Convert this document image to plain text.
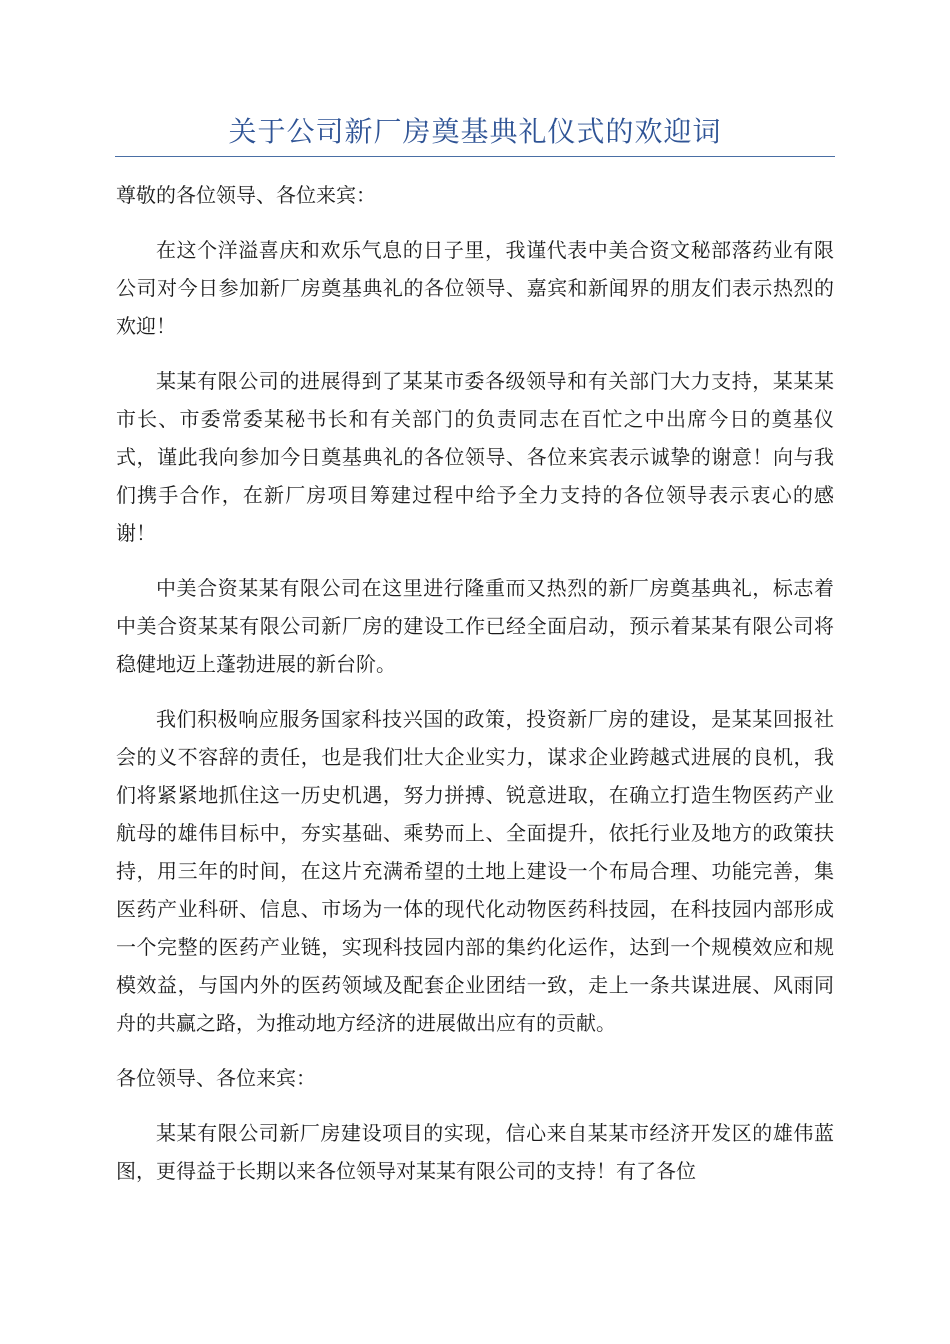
关于公司新厂房奠基典礼仪式的欢迎词

尊敬的各位领导、各位来宾：

在这个洋溢喜庆和欢乐气息的日子里，我谨代表中美合资文秘部落药业有限公司对今日参加新厂房奠基典礼的各位领导、嘉宾和新闻界的朋友们表示热烈的欢迎！

某某有限公司的进展得到了某某市委各级领导和有关部门大力支持，某某某市长、市委常委某秘书长和有关部门的负责同志在百忙之中出席今日的奠基仪式，谨此我向参加今日奠基典礼的各位领导、各位来宾表示诚挚的谢意！向与我们携手合作，在新厂房项目筹建过程中给予全力支持的各位领导表示衷心的感谢！

中美合资某某有限公司在这里进行隆重而又热烈的新厂房奠基典礼，标志着中美合资某某有限公司新厂房的建设工作已经全面启动，预示着某某有限公司将稳健地迈上蓬勃进展的新台阶。

我们积极响应服务国家科技兴国的政策，投资新厂房的建设，是某某回报社会的义不容辞的责任，也是我们壮大企业实力，谋求企业跨越式进展的良机，我们将紧紧地抓住这一历史机遇，努力拼搏、锐意进取，在确立打造生物医药产业航母的雄伟目标中，夯实基础、乘势而上、全面提升，依托行业及地方的政策扶持，用三年的时间，在这片充满希望的土地上建设一个布局合理、功能完善，集医药产业科研、信息、市场为一体的现代化动物医药科技园，在科技园内部形成一个完整的医药产业链，实现科技园内部的集约化运作，达到一个规模效应和规模效益，与国内外的医药领域及配套企业团结一致，走上一条共谋进展、风雨同舟的共赢之路，为推动地方经济的进展做出应有的贡献。

各位领导、各位来宾：

某某有限公司新厂房建设项目的实现，信心来自某某市经济开发区的雄伟蓝图，更得益于长期以来各位领导对某某有限公司的支持！有了各位
